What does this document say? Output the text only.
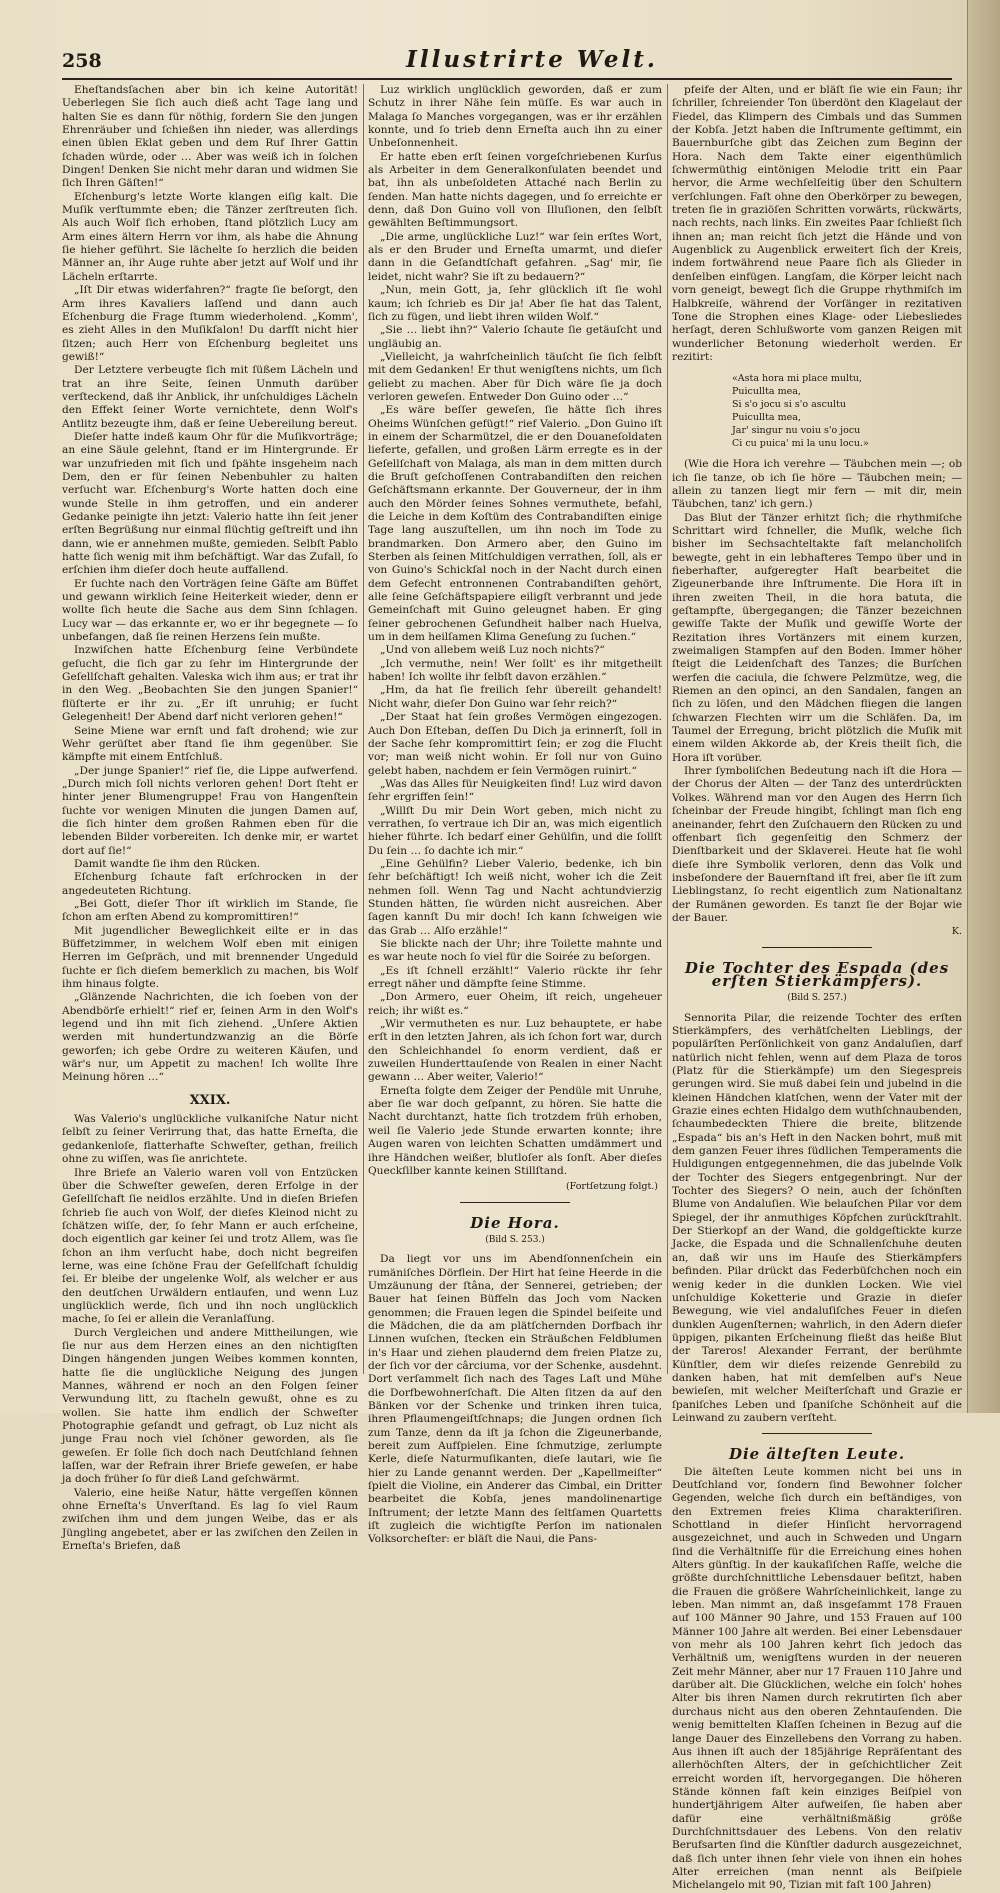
258	Illustrirte Welt.

Eheſtandsſachen aber bin ich keine Autorität! Ueberlegen Sie ſich auch dieß acht Tage lang und halten Sie es dann für nöthig, fordern Sie den jungen Ehrenräuber und ſchießen ihn nieder, was allerdings einen üblen Eklat geben und dem Ruf Ihrer Gattin ſchaden würde, oder … Aber was weiß ich in ſolchen Dingen! Denken Sie nicht mehr daran und widmen Sie ſich Ihren Gäſten!“

Eſchenburg's letzte Worte klangen eiſig kalt. Die Muſik verſtummte eben; die Tänzer zerſtreuten ſich. Als auch Wolf ſich erhoben, ſtand plötzlich Lucy am Arm eines ältern Herrn vor ihm, als habe die Ahnung ſie hieher geführt. Sie lächelte ſo herzlich die beiden Männer an, ihr Auge ruhte aber jetzt auf Wolf und ihr Lächeln erſtarrte.

„Iſt Dir etwas widerfahren?“ fragte ſie beſorgt, den Arm ihres Kavaliers laſſend und dann auch Eſchenburg die Frage ſtumm wiederholend. „Komm', es zieht Alles in den Muſikſalon! Du darfſt nicht hier ſitzen; auch Herr von Eſchenburg begleitet uns gewiß!“

Der Letztere verbeugte ſich mit ſüßem Lächeln und trat an ihre Seite, ſeinen Unmuth darüber verſteckend, daß ihr Anblick, ihr unſchuldiges Lächeln den Effekt ſeiner Worte vernichtete, denn Wolf's Antlitz bezeugte ihm, daß er ſeine Uebereilung bereut.

Dieſer hatte indeß kaum Ohr für die Muſikvorträge; an eine Säule gelehnt, ſtand er im Hintergrunde. Er war unzufrieden mit ſich und ſpähte insgeheim nach Dem, den er für ſeinen Nebenbuhler zu halten verſucht war. Eſchenburg's Worte hatten doch eine wunde Stelle in ihm getroffen, und ein anderer Gedanke peinigte ihn jetzt: Valerio hatte ihn ſeit jener erſten Begrüßung nur einmal flüchtig geſtreift und ihn dann, wie er annehmen mußte, gemieden. Selbſt Pablo hatte ſich wenig mit ihm beſchäftigt. War das Zufall, ſo erſchien ihm dieſer doch heute auffallend.

Er ſuchte nach den Vorträgen ſeine Gäſte am Büffet und gewann wirklich ſeine Heiterkeit wieder, denn er wollte ſich heute die Sache aus dem Sinn ſchlagen. Lucy war — das erkannte er, wo er ihr begegnete — ſo unbefangen, daß ſie reinen Herzens ſein mußte.

Inzwiſchen hatte Eſchenburg ſeine Verbündete geſucht, die ſich gar zu ſehr im Hintergrunde der Geſellſchaft gehalten. Valeska wich ihm aus; er trat ihr in den Weg. „Beobachten Sie den jungen Spanier!“ flüſterte er ihr zu. „Er iſt unruhig; er ſucht Gelegenheit! Der Abend darf nicht verloren gehen!“

Seine Miene war ernſt und faſt drohend; wie zur Wehr gerüſtet aber ſtand ſie ihm gegenüber. Sie kämpfte mit einem Entſchluß.

„Der junge Spanier!“ rief ſie, die Lippe aufwerfend. „Durch mich ſoll nichts verloren gehen! Dort ſteht er hinter jener Blumengruppe! Frau von Hangenſtein ſuchte vor wenigen Minuten die jungen Damen auf, die ſich hinter dem großen Rahmen eben für die lebenden Bilder vorbereiten. Ich denke mir, er wartet dort auf ſie!“

Damit wandte ſie ihm den Rücken.

Eſchenburg ſchaute faſt erſchrocken in der angedeuteten Richtung.

„Bei Gott, dieſer Thor iſt wirklich im Stande, ſie ſchon am erſten Abend zu kompromittiren!“

Mit jugendlicher Beweglichkeit eilte er in das Büffetzimmer, in welchem Wolf eben mit einigen Herren im Geſpräch, und mit brennender Ungeduld ſuchte er ſich dieſem bemerklich zu machen, bis Wolf ihm hinaus folgte.

„Glänzende Nachrichten, die ich ſoeben von der Abendbörſe erhielt!“ rief er, ſeinen Arm in den Wolf's legend und ihn mit ſich ziehend. „Unſere Aktien werden mit hundertundzwanzig an die Börſe geworfen; ich gebe Ordre zu weiteren Käufen, und wär's nur, um Appetit zu machen! Ich wollte Ihre Meinung hören …“

XXIX.

Was Valerio's unglückliche vulkaniſche Natur nicht ſelbſt zu ſeiner Verirrung that, das hatte Erneſta, die gedankenloſe, flatterhafte Schweſter, gethan, freilich ohne zu wiſſen, was ſie anrichtete.

Ihre Briefe an Valerio waren voll von Entzücken über die Schweſter geweſen, deren Erfolge in der Geſellſchaft ſie neidlos erzählte. Und in dieſen Briefen ſchrieb ſie auch von Wolf, der dieſes Kleinod nicht zu ſchätzen wiſſe, der, ſo ſehr Mann er auch erſcheine, doch eigentlich gar keiner ſei und trotz Allem, was ſie ſchon an ihm verſucht habe, doch nicht begreifen lerne, was eine ſchöne Frau der Geſellſchaft ſchuldig ſei. Er bleibe der ungelenke Wolf, als welcher er aus den deutſchen Urwäldern entlaufen, und wenn Luz unglücklich werde, ſich und ihn noch unglücklich mache, ſo ſei er allein die Veranlaſſung.

Durch Vergleichen und andere Mittheilungen, wie ſie nur aus dem Herzen eines an den nichtigſten Dingen hängenden jungen Weibes kommen konnten, hatte ſie die unglückliche Neigung des jungen Mannes, während er noch an den Folgen ſeiner Verwundung litt, zu ſtacheln gewußt, ohne es zu wollen. Sie hatte ihm endlich der Schweſter Photographie geſandt und gefragt, ob Luz nicht als junge Frau noch viel ſchöner geworden, als ſie geweſen. Er ſolle ſich doch nach Deutſchland ſehnen laſſen, war der Refrain ihrer Briefe geweſen, er habe ja doch früher ſo für dieß Land geſchwärmt.

Valerio, eine heiße Natur, hätte vergeſſen können ohne Erneſta's Unverſtand. Es lag ſo viel Raum zwiſchen ihm und dem jungen Weibe, das er als Jüngling angebetet, aber er las zwiſchen den Zeilen in Erneſta's Briefen, daß

Luz wirklich unglücklich geworden, daß er zum Schutz in ihrer Nähe ſein müſſe. Es war auch in Malaga ſo Manches vorgegangen, was er ihr erzählen konnte, und ſo trieb denn Erneſta auch ihn zu einer Unbeſonnenheit.

Er hatte eben erſt ſeinen vorgeſchriebenen Kurſus als Arbeiter in dem Generalkonſulaten beendet und bat, ihn als unbeſoldeten Attaché nach Berlin zu ſenden. Man hatte nichts dagegen, und ſo erreichte er denn, daß Don Guino voll von Illuſionen, den ſelbſt gewählten Beſtimmungsort.

„Die arme, unglückliche Luz!“ war ſein erſtes Wort, als er den Bruder und Erneſta umarmt, und dieſer dann in die Geſandtſchaft gefahren. „Sag' mir, ſie leidet, nicht wahr? Sie iſt zu bedauern?“

„Nun, mein Gott, ja, ſehr glücklich iſt ſie wohl kaum; ich ſchrieb es Dir ja! Aber ſie hat das Talent, ſich zu fügen, und liebt ihren wilden Wolf.“

„Sie … liebt ihn?“ Valerio ſchaute ſie getäuſcht und ungläubig an.

„Vielleicht, ja wahrſcheinlich täuſcht ſie ſich ſelbſt mit dem Gedanken! Er thut wenigſtens nichts, um ſich geliebt zu machen. Aber für Dich wäre ſie ja doch verloren geweſen. Entweder Don Guino oder …“

„Es wäre beſſer geweſen, ſie hätte ſich ihres Oheims Wünſchen gefügt!“ rief Valerio. „Don Guino iſt in einem der Scharmützel, die er den Douaneſoldaten lieferte, gefallen, und großen Lärm erregte es in der Geſellſchaft von Malaga, als man in dem mitten durch die Bruſt geſchoſſenen Contrabandiſten den reichen Geſchäftsmann erkannte. Der Gouverneur, der in ihm auch den Mörder ſeines Sohnes vermuthete, befahl, die Leiche in dem Koſtüm des Contrabandiſten einige Tage lang auszuſtellen, um ihn noch im Tode zu brandmarken. Don Armero aber, den Guino im Sterben als ſeinen Mitſchuldigen verrathen, ſoll, als er von Guino's Schickſal noch in der Nacht durch einen dem Gefecht entronnenen Contrabandiſten gehört, alle ſeine Geſchäftspapiere eiligſt verbrannt und jede Gemeinſchaft mit Guino geleugnet haben. Er ging ſeiner gebrochenen Geſundheit halber nach Huelva, um in dem heilſamen Klima Geneſung zu ſuchen.“

„Und von allebem weiß Luz noch nichts?“

„Ich vermuthe, nein! Wer ſollt' es ihr mitgetheilt haben! Ich wollte ihr ſelbſt davon erzählen.“

„Hm, da hat ſie freilich ſehr übereilt gehandelt! Nicht wahr, dieſer Don Guino war ſehr reich?“

„Der Staat hat ſein großes Vermögen eingezogen. Auch Don Eſteban, deſſen Du Dich ja erinnerſt, ſoll in der Sache ſehr kompromittirt ſein; er zog die Flucht vor; man weiß nicht wohin. Er ſoll nur von Guino gelebt haben, nachdem er ſein Vermögen ruinirt.“

„Was das Alles für Neuigkeiten ſind! Luz wird davon ſehr ergriffen ſein!“

„Willſt Du mir Dein Wort geben, mich nicht zu verrathen, ſo vertraue ich Dir an, was mich eigentlich hieher führte. Ich bedarf einer Gehülfin, und die ſollſt Du ſein … ſo dachte ich mir.“

„Eine Gehülfin? Lieber Valerio, bedenke, ich bin ſehr beſchäftigt! Ich weiß nicht, woher ich die Zeit nehmen ſoll. Wenn Tag und Nacht achtundvierzig Stunden hätten, ſie würden nicht ausreichen. Aber ſagen kannſt Du mir doch! Ich kann ſchweigen wie das Grab … Alſo erzähle!“

Sie blickte nach der Uhr; ihre Toilette mahnte und es war heute noch ſo viel für die Soirée zu beſorgen.

„Es iſt ſchnell erzählt!“ Valerio rückte ihr ſehr erregt näher und dämpfte ſeine Stimme.

„Don Armero, euer Oheim, iſt reich, ungeheuer reich; ihr wißt es.“

„Wir vermutheten es nur. Luz behauptete, er habe erſt in den letzten Jahren, als ich ſchon fort war, durch den Schleichhandel ſo enorm verdient, daß er zuweilen Hunderttauſende von Realen in einer Nacht gewann … Aber weiter, Valerio!“

Erneſta folgte dem Zeiger der Pendüle mit Unruhe, aber ſie war doch geſpannt, zu hören. Sie hatte die Nacht durchtanzt, hatte ſich trotzdem früh erhoben, weil ſie Valerio jede Stunde erwarten konnte; ihre Augen waren von leichten Schatten umdämmert und ihre Händchen weißer, blutloſer als ſonſt. Aber dieſes Queckſilber kannte keinen Stillſtand.

(Fortſetzung folgt.)
Die Hora.
(Bild S. 253.)

Da liegt vor uns im Abendſonnenſchein ein rumäniſches Dörflein. Der Hirt hat ſeine Heerde in die Umzäunung der ſtâna, der Sennerei, getrieben; der Bauer hat ſeinen Büffeln das Joch vom Nacken genommen; die Frauen legen die Spindel beiſeite und die Mädchen, die da am plätſchernden Dorfbach ihr Linnen wuſchen, ſtecken ein Sträußchen Feldblumen in's Haar und ziehen plaudernd dem freien Platze zu, der ſich vor der cârciuma, vor der Schenke, ausdehnt. Dort verſammelt ſich nach des Tages Laſt und Mühe die Dorfbewohnerſchaft. Die Alten ſitzen da auf den Bänken vor der Schenke und trinken ihren tuica, ihren Pflaumengeiſtſchnaps; die Jungen ordnen ſich zum Tanze, denn da iſt ja ſchon die Zigeunerbande, bereit zum Aufſpielen. Eine ſchmutzige, zerlumpte Kerle, dieſe Naturmuſikanten, dieſe lautari, wie ſie hier zu Lande genannt werden. Der „Kapellmeiſter“ ſpielt die Violine, ein Anderer das Cimbal, ein Dritter bearbeitet die Kobſa, jenes mandolinenartige Inſtrument; der letzte Mann des ſeltſamen Quartetts iſt zugleich die wichtigſte Perſon im nationalen Volksorcheſter: er bläſt die Naui, die Pans-

pfeife der Alten, und er bläſt ſie wie ein Faun; ihr ſchriller, ſchreiender Ton überdönt den Klagelaut der Fiedel, das Klimpern des Cimbals und das Summen der Kobſa. Jetzt haben die Inſtrumente geſtimmt, ein Bauernburſche gibt das Zeichen zum Beginn der Hora. Nach dem Takte einer eigenthümlich ſchwermüthig eintönigen Melodie tritt ein Paar hervor, die Arme wechſelſeitig über den Schultern verſchlungen. Faſt ohne den Oberkörper zu bewegen, treten ſie in graziöſen Schritten vorwärts, rückwärts, nach rechts, nach links. Ein zweites Paar ſchließt ſich ihnen an; man reicht ſich jetzt die Hände und von Augenblick zu Augenblick erweitert ſich der Kreis, indem fortwährend neue Paare ſich als Glieder in denſelben einfügen. Langſam, die Körper leicht nach vorn geneigt, bewegt ſich die Gruppe rhythmiſch im Halbkreiſe, während der Vorſänger in rezitativen Tone die Strophen eines Klage- oder Liebesliedes herſagt, deren Schlußworte vom ganzen Reigen mit wunderlicher Betonung wiederholt werden. Er rezitirt:

«Asta hora mi place multu,
Puicullta mea,
Si s'o jocu si s'o ascultu
Puicullta mea,
Jar' singur nu voiu s'o jocu
Ci cu puica' mi la unu locu.»

(Wie die Hora ich verehre — Täubchen mein —; ob ich ſie tanze, ob ich ſie höre — Täubchen mein; — allein zu tanzen liegt mir fern — mit dir, mein Täubchen, tanz' ich gern.)

Das Blut der Tänzer erhitzt ſich; die rhythmiſche Schrittart wird ſchneller, die Muſik, welche ſich bisher im Sechsachteltakte faſt melancholiſch bewegte, geht in ein lebhafteres Tempo über und in fieberhafter, aufgeregter Haſt bearbeitet die Zigeunerbande ihre Inſtrumente. Die Hora iſt in ihren zweiten Theil, in die hora batuta, die geſtampfte, übergegangen; die Tänzer bezeichnen gewiſſe Takte der Muſik und gewiſſe Worte der Rezitation ihres Vortänzers mit einem kurzen, zweimaligen Stampfen auf den Boden. Immer höher ſteigt die Leidenſchaft des Tanzes; die Burſchen werfen die caciula, die ſchwere Pelzmütze, weg, die Riemen an den opinci, an den Sandalen, fangen an ſich zu löſen, und den Mädchen fliegen die langen ſchwarzen Flechten wirr um die Schläfen. Da, im Taumel der Erregung, bricht plötzlich die Muſik mit einem wilden Akkorde ab, der Kreis theilt ſich, die Hora iſt vorüber.

Ihrer ſymboliſchen Bedeutung nach iſt die Hora — der Chorus der Alten — der Tanz des unterdrückten Volkes. Während man vor den Augen des Herrn ſich ſcheinbar der Freude hingibt, ſchlingt man ſich eng aneinander, fehrt den Zuſchauern den Rücken zu und offenbart ſich gegenſeitig den Schmerz der Dienſtbarkeit und der Sklaverei. Heute hat ſie wohl dieſe ihre Symbolik verloren, denn das Volk und insbeſondere der Bauernſtand iſt frei, aber ſie iſt zum Lieblingstanz, ſo recht eigentlich zum Nationaltanz der Rumänen geworden. Es tanzt ſie der Bojar wie der Bauer.

K.
Die Tochter des Espada (des erſten Stierkämpfers).
(Bild S. 257.)

Sennorita Pilar, die reizende Tochter des erſten Stierkämpfers, des verhätſchelten Lieblings, der populärſten Perſönlichkeit von ganz Andaluſien, darf natürlich nicht fehlen, wenn auf dem Plaza de toros (Platz für die Stierkämpfe) um den Siegespreis gerungen wird. Sie muß dabei ſein und jubelnd in die kleinen Händchen klatſchen, wenn der Vater mit der Grazie eines echten Hidalgo dem wuthſchnaubenden, ſchaumbedeckten Thiere die breite, blitzende „Espada“ bis an's Heft in den Nacken bohrt, muß mit dem ganzen Feuer ihres ſüdlichen Temperaments die Huldigungen entgegennehmen, die das jubelnde Volk der Tochter des Siegers entgegenbringt. Nur der Tochter des Siegers? O nein, auch der ſchönſten Blume von Andaluſien. Wie belauſchen Pilar vor dem Spiegel, der ihr anmuthiges Köpfchen zurückſtrahlt. Der Stierkopf an der Wand, die goldgeſtickte kurze Jacke, die Espada und die Schnallenſchuhe deuten an, daß wir uns im Hauſe des Stierkämpfers befinden. Pilar drückt das Federbüſchchen noch ein wenig keder in die dunklen Locken. Wie viel unſchuldige Koketterie und Grazie in dieſer Bewegung, wie viel andaluſiſches Feuer in dieſen dunklen Augenſternen; wahrlich, in den Adern dieſer üppigen, pikanten Erſcheinung fließt das heiße Blut der Tareros! Alexander Ferrant, der berühmte Künſtler, dem wir dieſes reizende Genrebild zu danken haben, hat mit demſelben auf's Neue bewieſen, mit welcher Meiſterſchaft und Grazie er ſpaniſches Leben und ſpaniſche Schönheit auf die Leinwand zu zaubern verſteht.

Die älteſten Leute.

Die älteſten Leute kommen nicht bei uns in Deutſchland vor, ſondern ſind Bewohner ſolcher Gegenden, welche ſich durch ein beſtändiges, von den Extremen freies Klima charakteriſiren. Schottland in dieſer Hinſicht hervorragend ausgezeichnet, und auch in Schweden und Ungarn ſind die Verhältniſſe für die Erreichung eines hohen Alters günſtig. In der kaukaſiſchen Raſſe, welche die größte durchſchnittliche Lebensdauer beſitzt, haben die Frauen die größere Wahrſcheinlichkeit, lange zu leben. Man nimmt an, daß insgeſammt 178 Frauen auf 100 Männer 90 Jahre, und 153 Frauen auf 100 Männer 100 Jahre alt werden. Bei einer Lebensdauer von mehr als 100 Jahren kehrt ſich jedoch das Verhältniß um, wenigſtens wurden in der neueren Zeit mehr Männer, aber nur 17 Frauen 110 Jahre und darüber alt. Die Glücklichen, welche ein ſolch' hohes Alter bis ihren Namen durch rekrutirten ſich aber durchaus nicht aus den oberen Zehntauſenden. Die wenig bemittelten Klaſſen ſcheinen in Bezug auf die lange Dauer des Einzellebens den Vorrang zu haben. Aus ihnen iſt auch der 185jährige Repräſentant des allerhöchſten Alters, der in geſchichtlicher Zeit erreicht worden iſt, hervorgegangen. Die höheren Stände können faſt kein einziges Beiſpiel von hundertjährigem Alter aufweiſen, ſie haben aber dafür eine verhältnißmäßig größe Durchſchnittsdauer des Lebens. Von den relativ Berufsarten ſind die Künſtler dadurch ausgezeichnet, daß ſich unter ihnen ſehr viele von ihnen ein hohes Alter erreichen (man nennt als Beiſpiele Michelangelo mit 90, Tizian mit faſt 100 Jahren)
